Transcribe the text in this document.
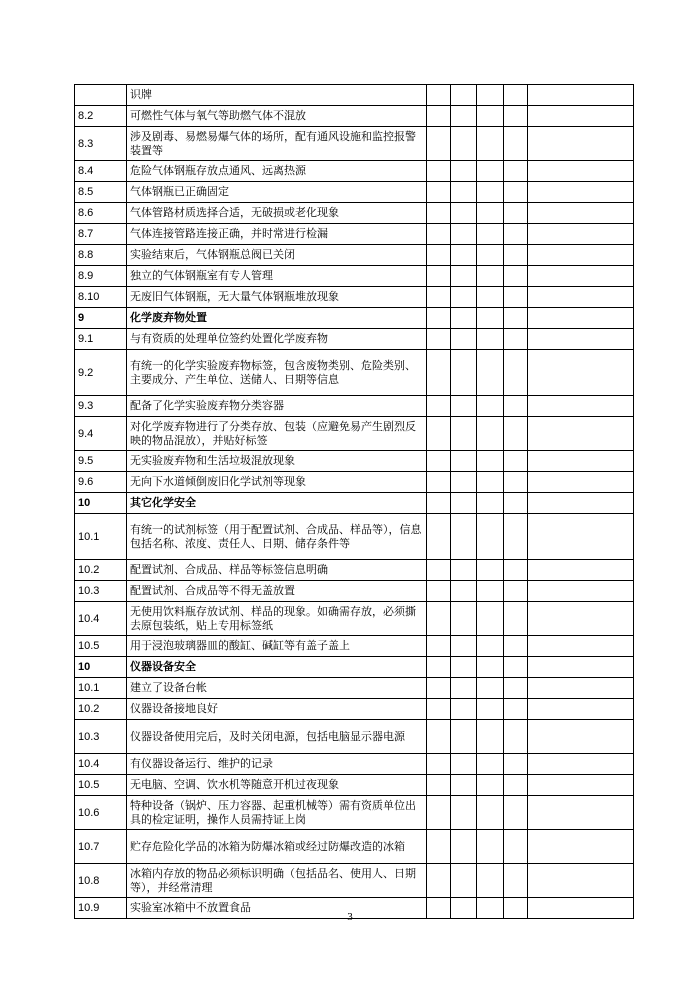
	识牌					
8.2	可燃性气体与氧气等助燃气体不混放					
8.3	涉及剧毒、易燃易爆气体的场所，配有通风设施和监控报警装置等					
8.4	危险气体钢瓶存放点通风、远离热源					
8.5	气体钢瓶已正确固定					
8.6	气体管路材质选择合适，无破损或老化现象					
8.7	气体连接管路连接正确，并时常进行检漏					
8.8	实验结束后，气体钢瓶总阀已关闭					
8.9	独立的气体钢瓶室有专人管理					
8.10	无废旧气体钢瓶，无大量气体钢瓶堆放现象					
9	化学废弃物处置					
9.1	与有资质的处理单位签约处置化学废弃物					
9.2	有统一的化学实验废弃物标签，包含废物类别、危险类别、主要成分、产生单位、送储人、日期等信息					
9.3	配备了化学实验废弃物分类容器					
9.4	对化学废弃物进行了分类存放、包装（应避免易产生剧烈反映的物品混放），并贴好标签					
9.5	无实验废弃物和生活垃圾混放现象					
9.6	无向下水道倾倒废旧化学试剂等现象					
10	其它化学安全					
10.1	有统一的试剂标签（用于配置试剂、合成品、样品等），信息包括名称、浓度、责任人、日期、储存条件等					
10.2	配置试剂、合成品、样品等标签信息明确					
10.3	配置试剂、合成品等不得无盖放置					
10.4	无使用饮料瓶存放试剂、样品的现象。如确需存放，必须撕去原包装纸，贴上专用标签纸					
10.5	用于浸泡玻璃器皿的酸缸、碱缸等有盖子盖上					
10	仪器设备安全					
10.1	建立了设备台帐					
10.2	仪器设备接地良好					
10.3	仪器设备使用完后，及时关闭电源，包括电脑显示器电源					
10.4	有仪器设备运行、维护的记录					
10.5	无电脑、空调、饮水机等随意开机过夜现象					
10.6	特种设备（锅炉、压力容器、起重机械等）需有资质单位出具的检定证明，操作人员需持证上岗					
10.7	贮存危险化学品的冰箱为防爆冰箱或经过防爆改造的冰箱					
10.8	冰箱内存放的物品必须标识明确（包括品名、使用人、日期等），并经常清理					
10.9	实验室冰箱中不放置食品					
3
